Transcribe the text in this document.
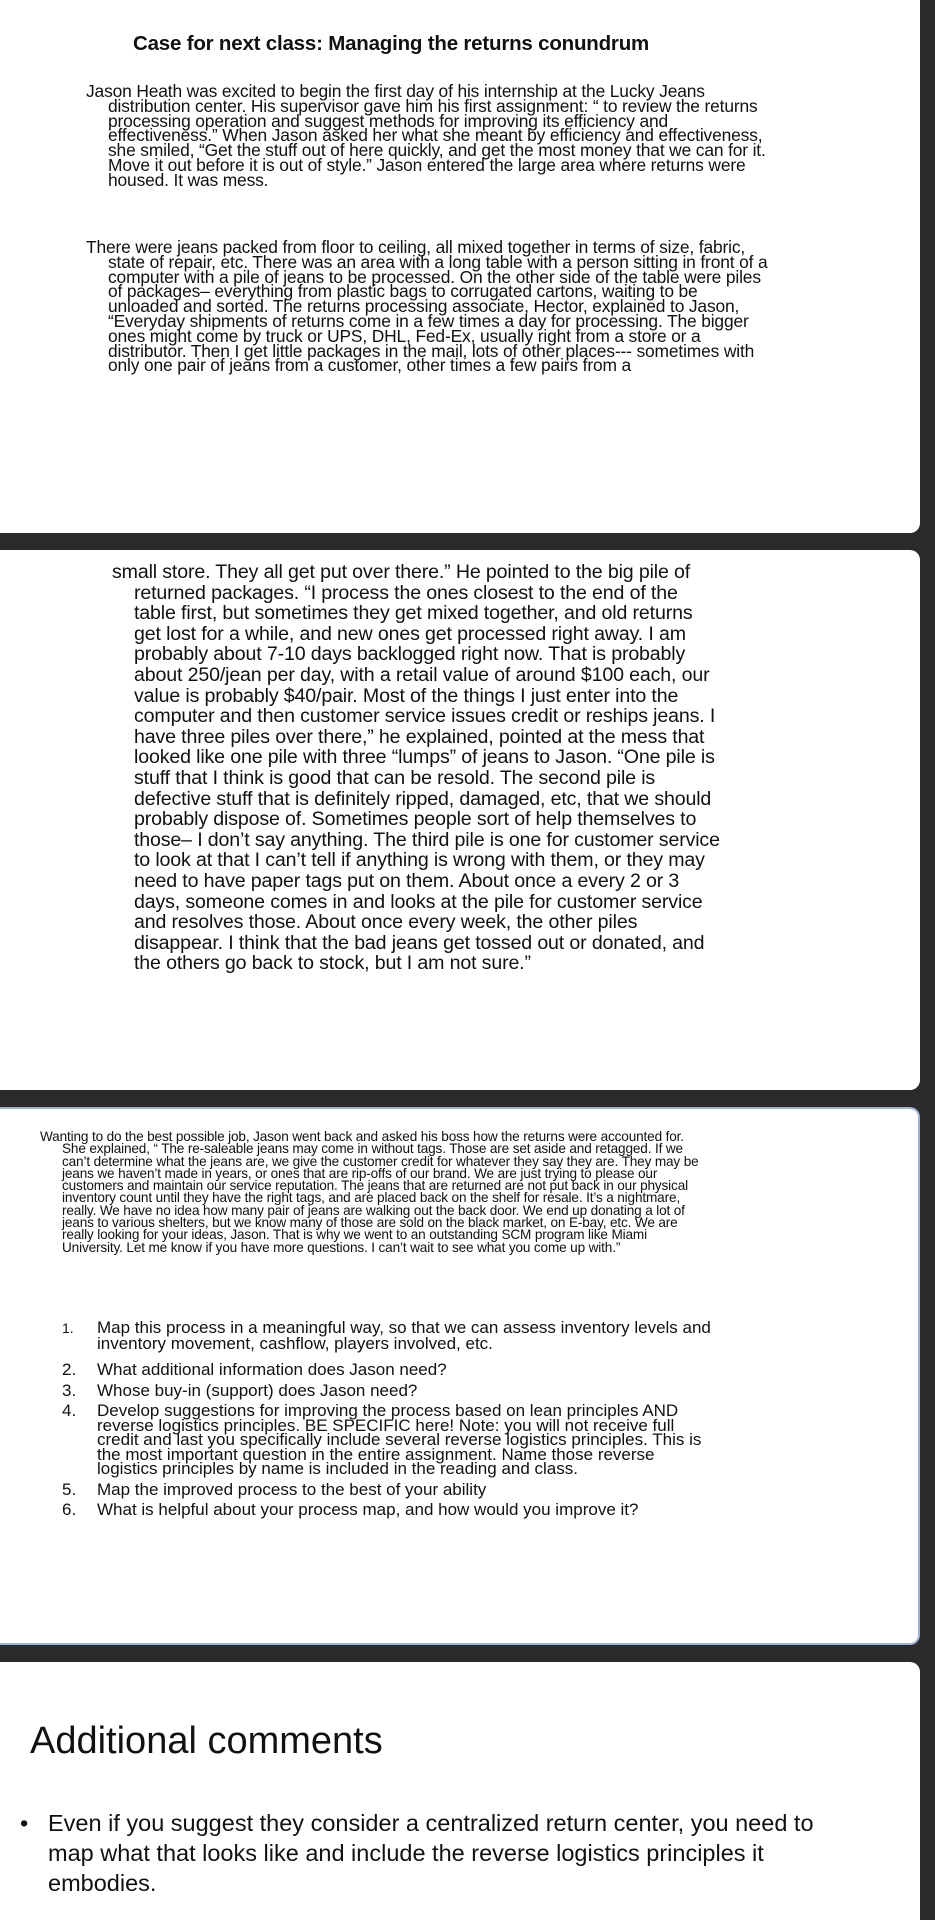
Case for next class: Managing the returns conundrum

Jason Heath was excited to begin the first day of his internship at the Lucky Jeans distribution center. His supervisor gave him his first assignment: “ to review the returns processing operation and suggest methods for improving its efficiency and effectiveness.” When Jason asked her what she meant by efficiency and effectiveness, she smiled, “Get the stuff out of here quickly, and get the most money that we can for it. Move it out before it is out of style.” Jason entered the large area where returns were housed. It was mess.

There were jeans packed from floor to ceiling, all mixed together in terms of size, fabric, state of repair, etc. There was an area with a long table with a person sitting in front of a computer with a pile of jeans to be processed. On the other side of the table were piles of packages– everything from plastic bags to corrugated cartons, waiting to be unloaded and sorted. The returns processing associate, Hector, explained to Jason, “Everyday shipments of returns come in a few times a day for processing. The bigger ones might come by truck or UPS, DHL, Fed-Ex, usually right from a store or a distributor. Then I get little packages in the mail, lots of other places--- sometimes with only one pair of jeans from a customer, other times a few pairs from a

small store. They all get put over there.” He pointed to the big pile of returned packages. “I process the ones closest to the end of the table first, but sometimes they get mixed together, and old returns get lost for a while, and new ones get processed right away. I am probably about 7-10 days backlogged right now. That is probably about 250/jean per day, with a retail value of around $100 each, our value is probably $40/pair. Most of the things I just enter into the computer and then customer service issues credit or reships jeans. I have three piles over there,” he explained, pointed at the mess that looked like one pile with three “lumps” of jeans to Jason. “One pile is stuff that I think is good that can be resold. The second pile is defective stuff that is definitely ripped, damaged, etc, that we should probably dispose of. Sometimes people sort of help themselves to those– I don’t say anything. The third pile is one for customer service to look at that I can’t tell if anything is wrong with them, or they may need to have paper tags put on them. About once a every 2 or 3 days, someone comes in and looks at the pile for customer service and resolves those. About once every week, the other piles disappear. I think that the bad jeans get tossed out or donated, and the others go back to stock, but I am not sure.”

Wanting to do the best possible job, Jason went back and asked his boss how the returns were accounted for. She explained, “ The re-saleable jeans may come in without tags. Those are set aside and retagged. If we can’t determine what the jeans are, we give the customer credit for whatever they say they are. They may be jeans we haven’t made in years, or ones that are rip-offs of our brand. We are just trying to please our customers and maintain our service reputation. The jeans that are returned are not put back in our physical inventory count until they have the right tags, and are placed back on the shelf for resale. It’s a nightmare, really. We have no idea how many pair of jeans are walking out the back door. We end up donating a lot of jeans to various shelters, but we know many of those are sold on the black market, on E-bay, etc. We are really looking for your ideas, Jason. That is why we went to an outstanding SCM program like Miami University. Let me know if you have more questions. I can’t wait to see what you come up with.”

1. Map this process in a meaningful way, so that we can assess inventory levels and inventory movement, cashflow, players involved, etc.
2. What additional information does Jason need?
3. Whose buy-in (support) does Jason need?
4. Develop suggestions for improving the process based on lean principles AND reverse logistics principles. BE SPECIFIC here! Note: you will not receive full credit and last you specifically include several reverse logistics principles. This is the most important question in the entire assignment. Name those reverse logistics principles by name is included in the reading and class.
5. Map the improved process to the best of your ability
6. What is helpful about your process map, and how would you improve it?
Additional comments
• Even if you suggest they consider a centralized return center, you need to map what that looks like and include the reverse logistics principles it embodies.
